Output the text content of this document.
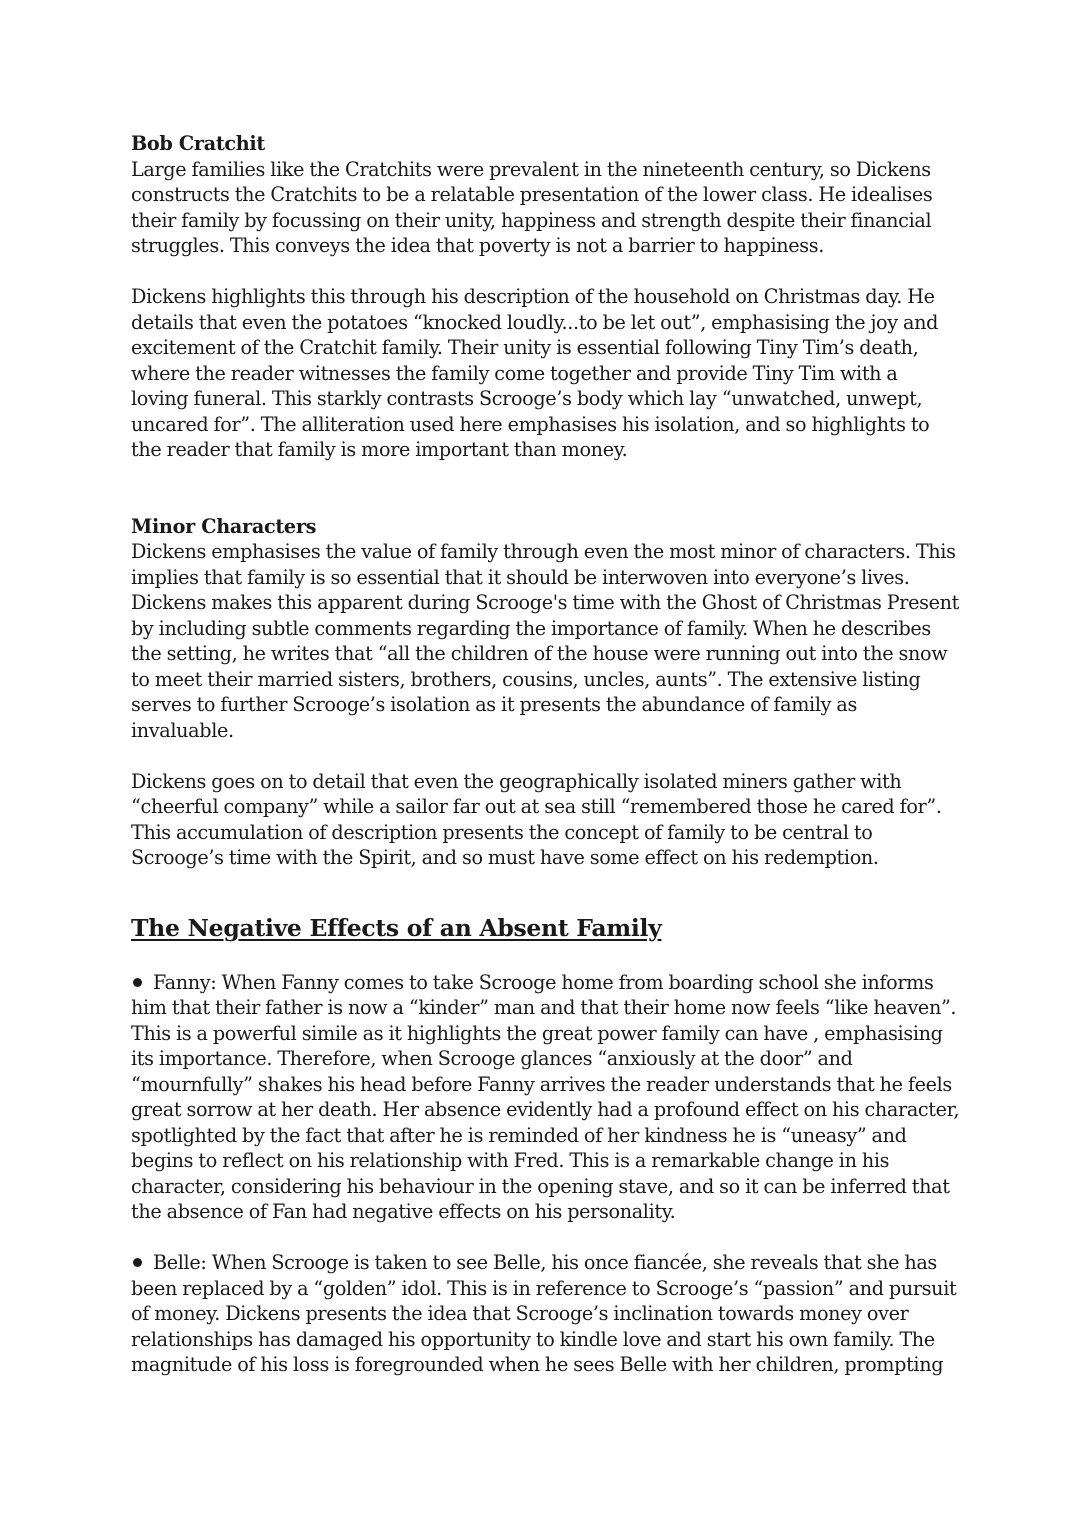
Bob Cratchit

Large families like the Cratchits were prevalent in the nineteenth century, so Dickens

constructs the Cratchits to be a relatable presentation of the lower class. He idealises

their family by focussing on their unity, happiness and strength despite their financial

struggles. This conveys the idea that poverty is not a barrier to happiness.

Dickens highlights this through his description of the household on Christmas day. He

details that even the potatoes “knocked loudly...to be let out”, emphasising the joy and

excitement of the Cratchit family. Their unity is essential following Tiny Tim’s death,

where the reader witnesses the family come together and provide Tiny Tim with a

loving funeral. This starkly contrasts Scrooge’s body which lay “unwatched, unwept,

uncared for”. The alliteration used here emphasises his isolation, and so highlights to

the reader that family is more important than money.

Minor Characters

Dickens emphasises the value of family through even the most minor of characters. This

implies that family is so essential that it should be interwoven into everyone’s lives.

Dickens makes this apparent during Scrooge's time with the Ghost of Christmas Present

by including subtle comments regarding the importance of family. When he describes

the setting, he writes that “all the children of the house were running out into the snow

to meet their married sisters, brothers, cousins, uncles, aunts”. The extensive listing

serves to further Scrooge’s isolation as it presents the abundance of family as

invaluable.

Dickens goes on to detail that even the geographically isolated miners gather with

“cheerful company” while a sailor far out at sea still “remembered those he cared for”.

This accumulation of description presents the concept of family to be central to

Scrooge’s time with the Spirit, and so must have some effect on his redemption.

The Negative Effects of an Absent Family

Fanny: When Fanny comes to take Scrooge home from boarding school she informs

him that their father is now a “kinder” man and that their home now feels “like heaven”.

This is a powerful simile as it highlights the great power family can have , emphasising

its importance. Therefore, when Scrooge glances “anxiously at the door” and

“mournfully” shakes his head before Fanny arrives the reader understands that he feels

great sorrow at her death. Her absence evidently had a profound effect on his character,

spotlighted by the fact that after he is reminded of her kindness he is “uneasy” and

begins to reflect on his relationship with Fred. This is a remarkable change in his

character, considering his behaviour in the opening stave, and so it can be inferred that

the absence of Fan had negative effects on his personality.

Belle: When Scrooge is taken to see Belle, his once fiancée, she reveals that she has

been replaced by a “golden” idol. This is in reference to Scrooge’s “passion” and pursuit

of money. Dickens presents the idea that Scrooge’s inclination towards money over

relationships has damaged his opportunity to kindle love and start his own family. The

magnitude of his loss is foregrounded when he sees Belle with her children, prompting
